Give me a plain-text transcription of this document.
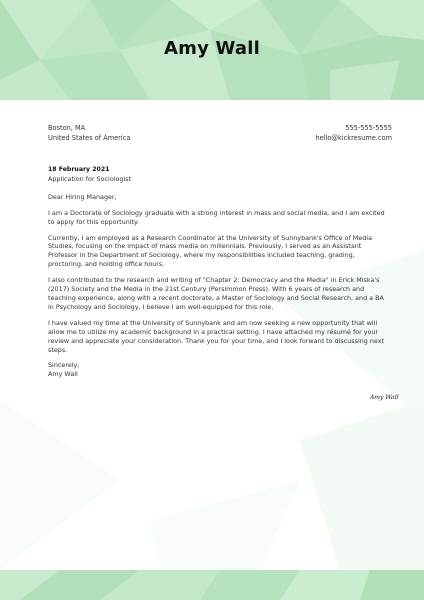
Amy Wall
Boston, MA
United States of America
555-555-5555
hello@kickresume.com
18 February 2021

Application for Sociologist

Dear Hiring Manager,

I am a Doctorate of Sociology graduate with a strong interest in mass and social media, and I am excited to apply for this opportunity.

Currently, I am employed as a Research Coordinator at the University of Sunnybank's Office of Media Studies, focusing on the impact of mass media on millennials. Previously, I served as an Assistant Professor in the Department of Sociology, where my responsibilities included teaching, grading, proctoring, and holding office hours.

I also contributed to the research and writing of "Chapter 2: Democracy and the Media" in Erick Miska's (2017) Society and the Media in the 21st Century (Persimmon Press). With 6 years of research and teaching experience, along with a recent doctorate, a Master of Sociology and Social Research, and a BA in Psychology and Sociology, I believe I am well-equipped for this role.

I have valued my time at the University of Sunnybank and am now seeking a new opportunity that will allow me to utilize my academic background in a practical setting. I have attached my résumé for your review and appreciate your consideration. Thank you for your time, and I look forward to discussing next steps.

Sincerely,
Amy Wall
Amy Wall
